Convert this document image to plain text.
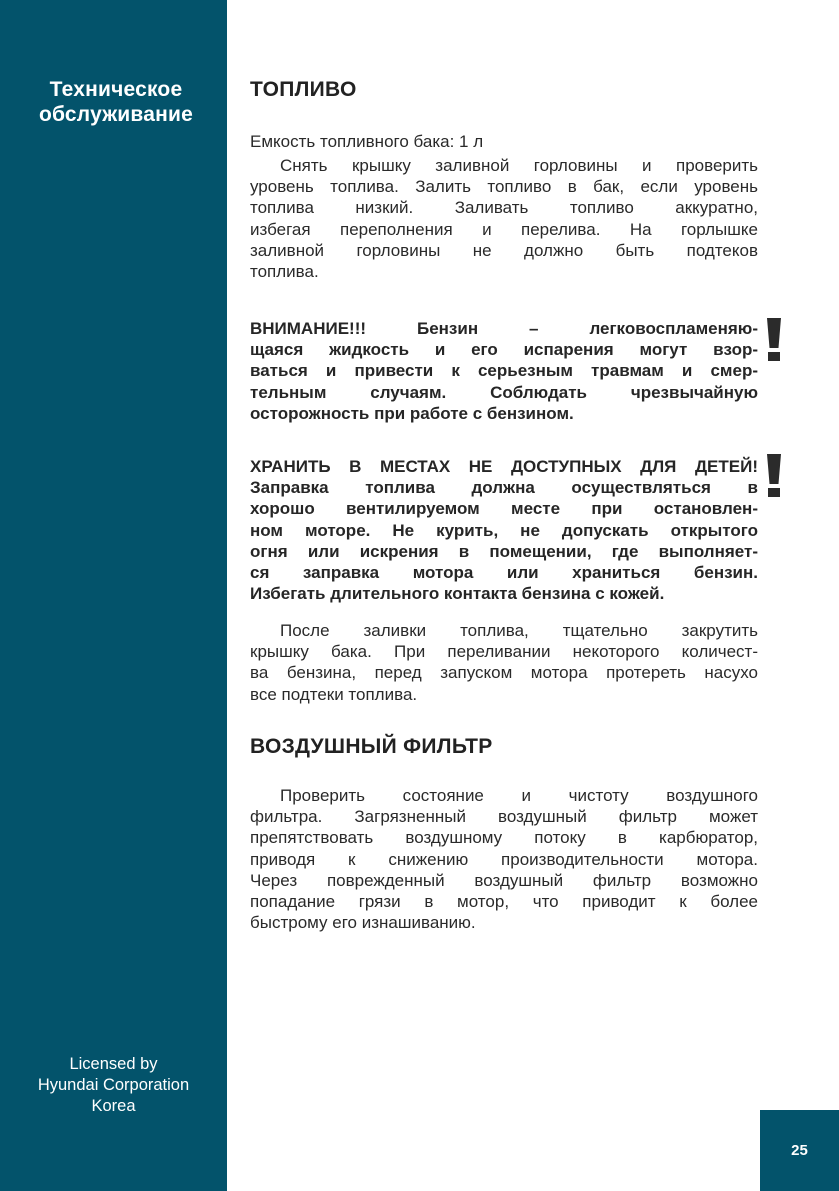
Техническое
обслуживание
Licensed by
Hyundai Corporation
Korea
25
ТОПЛИВО
Емкость топливного бака: 1 л
Снять крышку заливной горловины и проверить
уровень топлива. Залить топливо в бак, если уровень
топлива низкий. Заливать топливо аккуратно,
избегая переполнения и перелива. На горлышке
заливной горловины не должно быть подтеков
топлива.
ВНИМАНИЕ!!! Бензин – легковоспламеняю-
щаяся жидкость и его испарения могут взор-
ваться и привести к серьезным травмам и смер-
тельным случаям. Соблюдать чрезвычайную
осторожность при работе с бензином.
ХРАНИТЬ В МЕСТАХ НЕ ДОСТУПНЫХ ДЛЯ ДЕТЕЙ!
Заправка топлива должна осуществляться в
хорошо вентилируемом месте при остановлен-
ном моторе. Не курить, не допускать открытого
огня или искрения в помещении, где выполняет-
ся заправка мотора или храниться бензин.
Избегать длительного контакта бензина с кожей.
После заливки топлива, тщательно закрутить
крышку бака. При переливании некоторого количест-
ва бензина, перед запуском мотора протереть насухо
все подтеки топлива.
ВОЗДУШНЫЙ ФИЛЬТР
Проверить состояние и чистоту воздушного
фильтра. Загрязненный воздушный фильтр может
препятствовать воздушному потоку в карбюратор,
приводя к снижению производительности мотора.
Через поврежденный воздушный фильтр возможно
попадание грязи в мотор, что приводит к более
быстрому его изнашиванию.
